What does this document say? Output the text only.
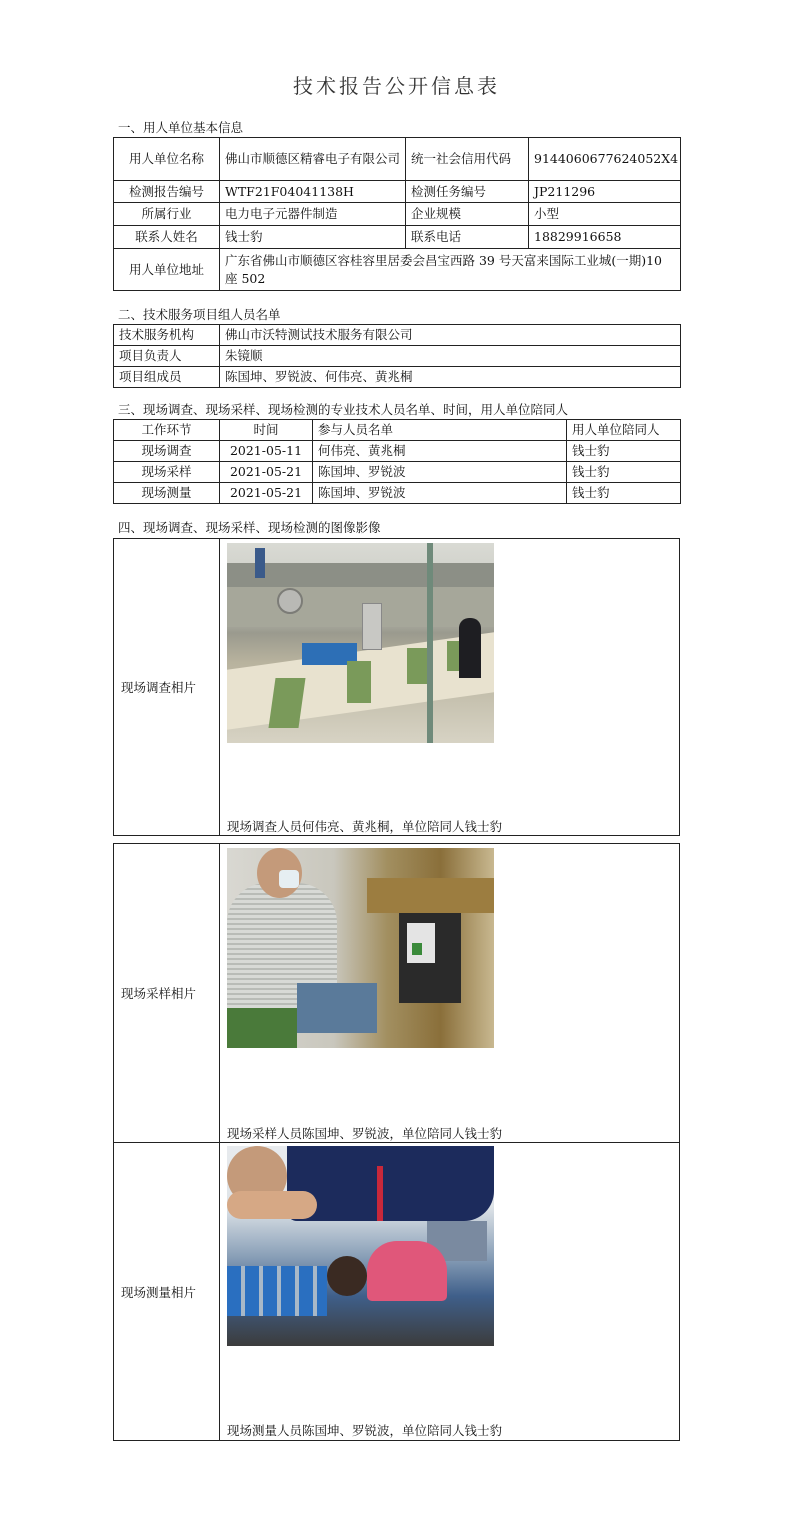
技术报告公开信息表
一、用人单位基本信息
用人单位名称	佛山市顺德区精睿电子有限公司	统一社会信用代码	9144060677624052X4
检测报告编号	WTF21F04041138H	检测任务编号	JP211296
所属行业	电力电子元器件制造	企业规模	小型
联系人姓名	钱士豹	联系电话	18829916658
用人单位地址	广东省佛山市顺德区容桂容里居委会昌宝西路 39 号天富来国际工业城(一期)10 座 502		
二、技术服务项目组人员名单
技术服务机构	佛山市沃特测试技术服务有限公司
项目负责人	朱镜顺
项目组成员	陈国坤、罗锐波、何伟亮、黄兆桐
三、现场调查、现场采样、现场检测的专业技术人员名单、时间，用人单位陪同人
工作环节	时间	参与人员名单	用人单位陪同人
现场调查	2021-05-11	何伟亮、黄兆桐	钱士豹
现场采样	2021-05-21	陈国坤、罗锐波	钱士豹
现场测量	2021-05-21	陈国坤、罗锐波	钱士豹
四、现场调查、现场采样、现场检测的图像影像
现场调查相片
现场调查人员何伟亮、黄兆桐，单位陪同人钱士豹
现场采样相片
现场采样人员陈国坤、罗锐波，单位陪同人钱士豹
现场测量相片
现场测量人员陈国坤、罗锐波，单位陪同人钱士豹
